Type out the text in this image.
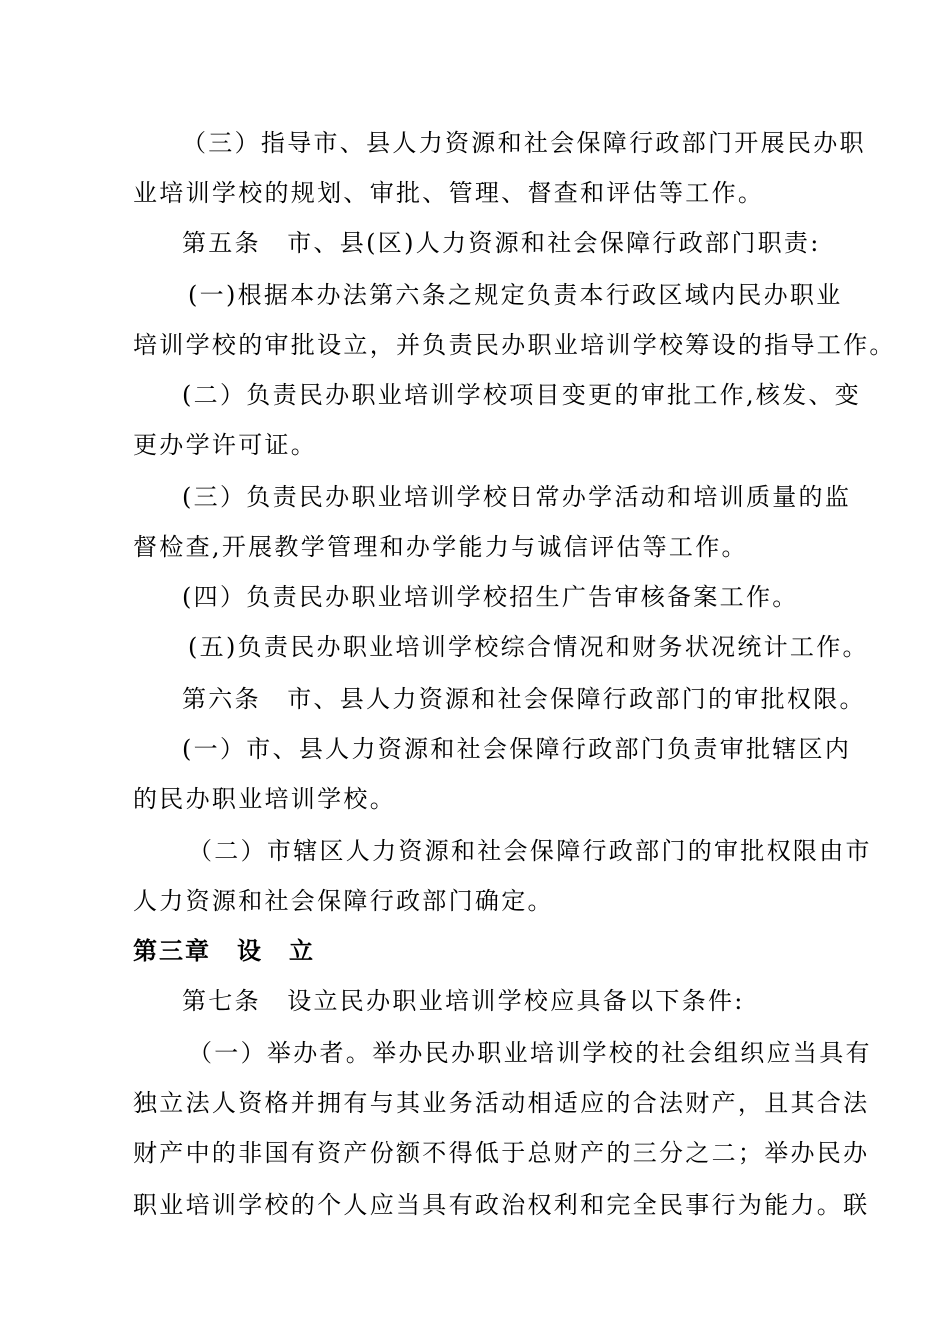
（三）指导市、县人力资源和社会保障行政部门开展民办职
业培训学校的规划、审批、管理、督查和评估等工作。
第五条　市、县(区)人力资源和社会保障行政部门职责:
(一)根据本办法第六条之规定负责本行政区域内民办职业
培训学校的审批设立，并负责民办职业培训学校筹设的指导工作。
(二）负责民办职业培训学校项目变更的审批工作,核发、变
更办学许可证。
(三）负责民办职业培训学校日常办学活动和培训质量的监
督检查,开展教学管理和办学能力与诚信评估等工作。
(四）负责民办职业培训学校招生广告审核备案工作。
(五)负责民办职业培训学校综合情况和财务状况统计工作。
第六条　市、县人力资源和社会保障行政部门的审批权限。
(一）市、县人力资源和社会保障行政部门负责审批辖区内
的民办职业培训学校。
（二）市辖区人力资源和社会保障行政部门的审批权限由市
人力资源和社会保障行政部门确定。
第三章　设　立
第七条　设立民办职业培训学校应具备以下条件:
（一）举办者。举办民办职业培训学校的社会组织应当具有
独立法人资格并拥有与其业务活动相适应的合法财产，且其合法
财产中的非国有资产份额不得低于总财产的三分之二；举办民办
职业培训学校的个人应当具有政治权利和完全民事行为能力。联
